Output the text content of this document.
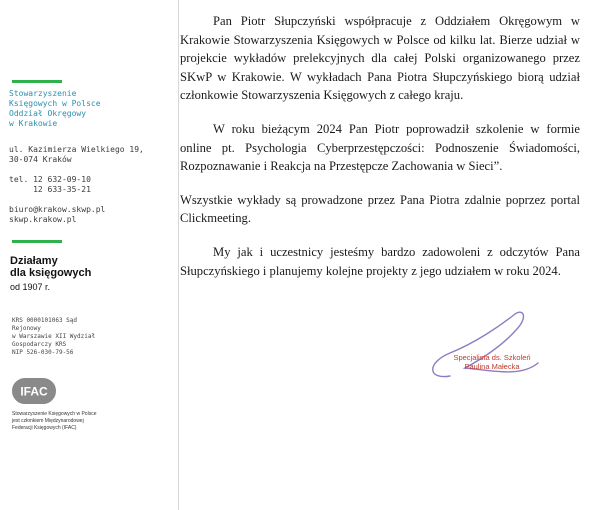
Stowarzyszenie
Księgowych w Polsce
Oddział Okręgowy
w Krakowie
ul. Kazimierza Wielkiego 19,
30-074 Kraków
tel. 12 632-09-10
12 633-35-21
biuro@krakow.skwp.pl
skwp.krakow.pl
Działamy
dla księgowych
od 1907 r.
KRS 0000101063 Sąd
Rejonowy
w Warszawie XII Wydział
Gospodarczy KRS
NIP 526-030-79-56
IFAC
Stowarzyszenie Księgowych w Polsce
jest członkiem Międzynarodowej
Federacji Księgowych (IFAC)

Pan Piotr Słupczyński współpracuje z Oddziałem Okręgowym w Krakowie Stowarzyszenia Księgowych w Polsce od kilku lat. Bierze udział w projekcie wykładów prelekcyjnych dla całej Polski organizowanego przez SKwP w Krakowie. W wykładach Pana Piotra Słupczyńskiego biorą udział członkowie Stowarzyszenia Księgowych z całego kraju.

W roku bieżącym 2024 Pan Piotr poprowadził szkolenie w formie online pt. Psychologia Cyberprzestępczości: Podnoszenie Świadomości, Rozpoznawanie i Reakcja na Przestępcze Zachowania w Sieci”.

Wszystkie wykłady są prowadzone przez Pana Piotra zdalnie poprzez portal Clickmeeting.

My jak i uczestnicy jesteśmy bardzo zadowoleni z odczytów Pana Słupczyńskiego i planujemy kolejne projekty z jego udziałem w roku 2024.

Specjalista ds. Szkoleń
Paulina Małecka
